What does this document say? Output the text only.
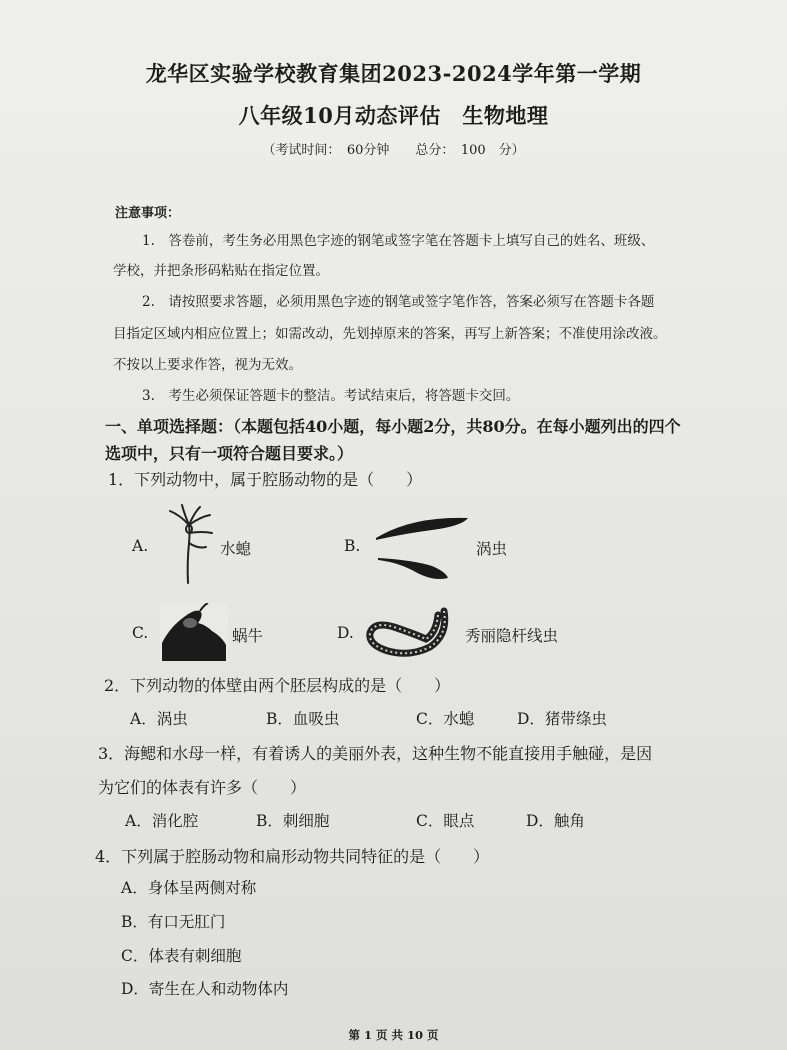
龙华区实验学校教育集团2023-2024学年第一学期
八年级10月动态评估　生物地理
（考试时间：　60分钟　　总分：　100　分）
注意事项：
1.　答卷前，考生务必用黑色字迹的钢笔或签字笔在答题卡上填写自己的姓名、班级、
学校，并把条形码粘贴在指定位置。
2.　请按照要求答题，必须用黑色字迹的钢笔或签字笔作答，答案必须写在答题卡各题
目指定区域内相应位置上；如需改动，先划掉原来的答案，再写上新答案；不准使用涂改液。
不按以上要求作答，视为无效。
3.　考生必须保证答题卡的整洁。考试结束后，将答题卡交回。
一、单项选择题：（本题包括40小题，每小题2分，共80分。在每小题列出的四个
选项中，只有一项符合题目要求。）
1．下列动物中，属于腔肠动物的是（　　）
A.	水螅	B.	涡虫
C.	蜗牛	D.	秀丽隐杆线虫
2．下列动物的体壁由两个胚层构成的是（　　）
A．涡虫	B．血吸虫	C．水螅	D．猪带绦虫
3．海鳃和水母一样，有着诱人的美丽外表，这种生物不能直接用手触碰，是因
为它们的体表有许多（　　）
A．消化腔	B．刺细胞	C．眼点	D．触角
4．下列属于腔肠动物和扁形动物共同特征的是（　　）
A．身体呈两侧对称
B．有口无肛门
C．体表有刺细胞
D．寄生在人和动物体内
第 1 页 共 10 页
